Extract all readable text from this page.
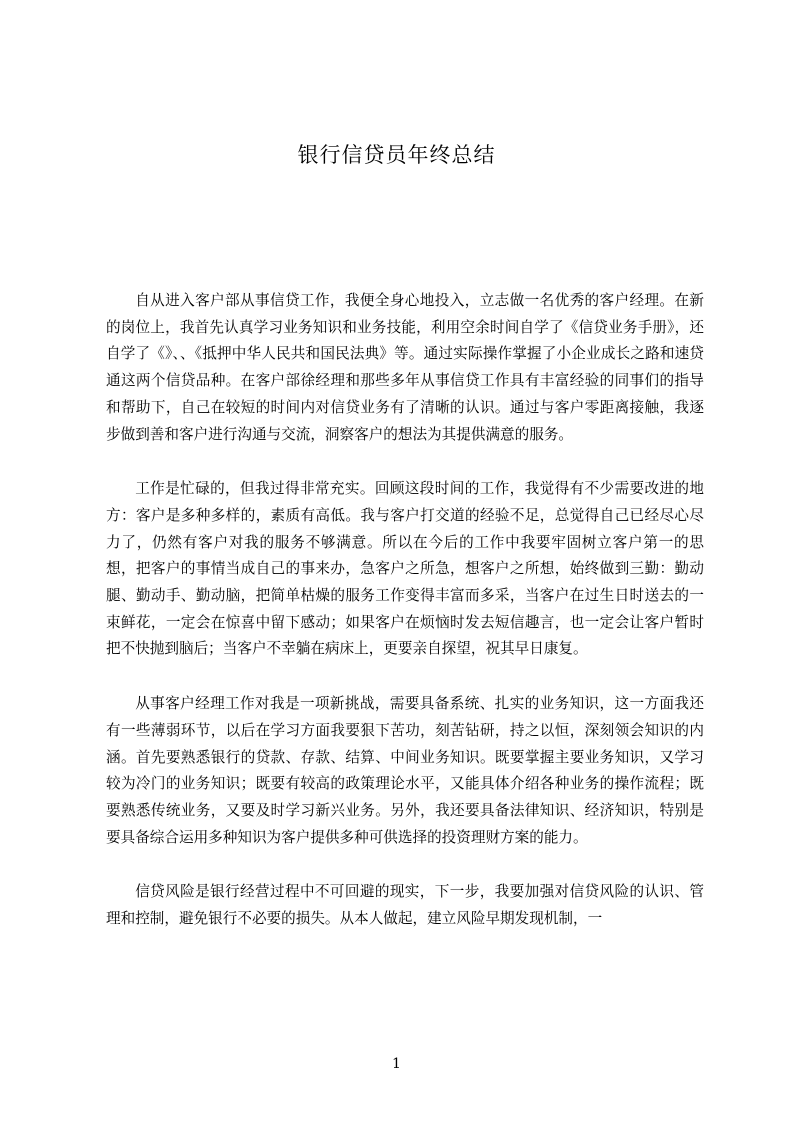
银行信贷员年终总结

自从进入客户部从事信贷工作，我便全身心地投入，立志做一名优秀的客户经理。在新的岗位上，我首先认真学习业务知识和业务技能，利用空余时间自学了《信贷业务手册》，还自学了《》、、《抵押中华人民共和国民法典》等。通过实际操作掌握了小企业成长之路和速贷通这两个信贷品种。在客户部徐经理和那些多年从事信贷工作具有丰富经验的同事们的指导和帮助下，自己在较短的时间内对信贷业务有了清晰的认识。通过与客户零距离接触，我逐步做到善和客户进行沟通与交流，洞察客户的想法为其提供满意的服务。

工作是忙碌的，但我过得非常充实。回顾这段时间的工作，我觉得有不少需要改进的地方：客户是多种多样的，素质有高低。我与客户打交道的经验不足，总觉得自己已经尽心尽力了，仍然有客户对我的服务不够满意。所以在今后的工作中我要牢固树立客户第一的思想，把客户的事情当成自己的事来办，急客户之所急，想客户之所想，始终做到三勤：勤动腿、勤动手、勤动脑，把简单枯燥的服务工作变得丰富而多采，当客户在过生日时送去的一束鲜花，一定会在惊喜中留下感动；如果客户在烦恼时发去短信趣言，也一定会让客户暂时把不快抛到脑后；当客户不幸躺在病床上，更要亲自探望，祝其早日康复。

从事客户经理工作对我是一项新挑战，需要具备系统、扎实的业务知识，这一方面我还有一些薄弱环节，以后在学习方面我要狠下苦功，刻苦钻研，持之以恒，深刻领会知识的内涵。首先要熟悉银行的贷款、存款、结算、中间业务知识。既要掌握主要业务知识，又学习较为冷门的业务知识；既要有较高的政策理论水平，又能具体介绍各种业务的操作流程；既要熟悉传统业务，又要及时学习新兴业务。另外，我还要具备法律知识、经济知识，特别是要具备综合运用多种知识为客户提供多种可供选择的投资理财方案的能力。

信贷风险是银行经营过程中不可回避的现实，下一步，我要加强对信贷风险的认识、管理和控制，避免银行不必要的损失。从本人做起，建立风险早期发现机制，一

1
